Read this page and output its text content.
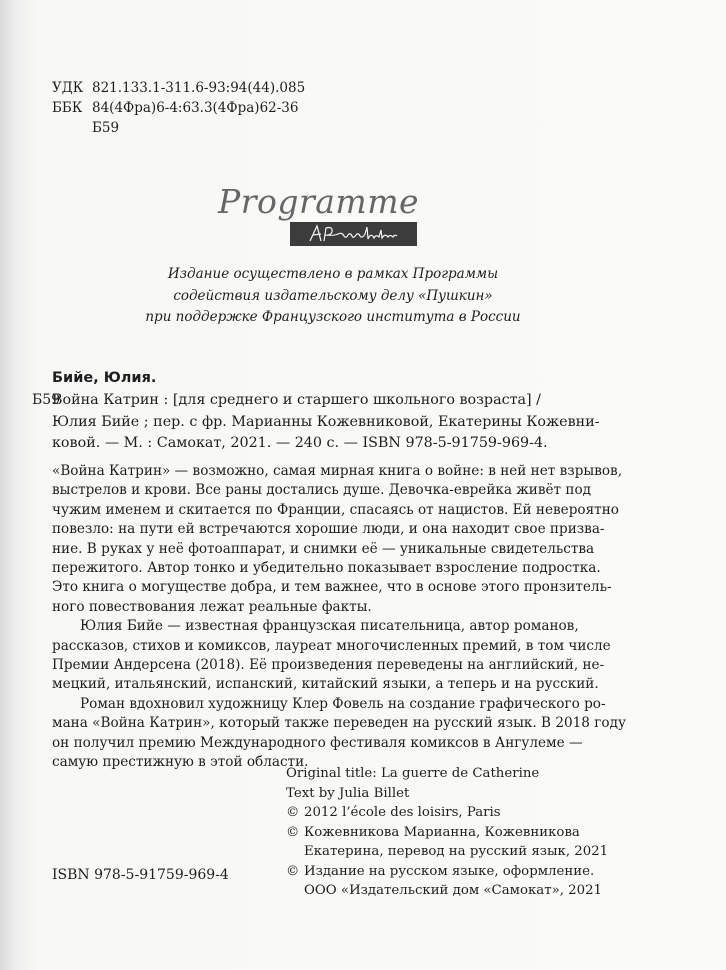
УДК 821.133.1-311.6-93:94(44).085
ББК 84(4Фра)6-4:63.3(4Фра)62-36
Б59
Programme
Издание осуществлено в рамках Программы
содействия издательскому делу «Пушкин»
при поддержке Французского института в России
Бийе, Юлия.
Б59
Война Катрин : [для среднего и старшего школьного возраста] /
Юлия Бийе ; пер. с фр. Марианны Кожевниковой, Екатерины Кожевни-
ковой. — М. : Самокат, 2021. — 240 с. — ISBN 978-5-91759-969-4.
«Война Катрин» — возможно, самая мирная книга о войне: в ней нет взрывов,
выстрелов и крови. Все раны достались душе. Девочка-еврейка живёт под
чужим именем и скитается по Франции, спасаясь от нацистов. Ей невероятно
повезло: на пути ей встречаются хорошие люди, и она находит свое призва-
ние. В руках у неё фотоаппарат, и снимки её — уникальные свидетельства
пережитого. Автор тонко и убедительно показывает взросление подростка.
Это книга о могуществе добра, и тем важнее, что в основе этого пронзитель-
ного повествования лежат реальные факты.
Юлия Бийе — известная французская писательница, автор романов,
рассказов, стихов и комиксов, лауреат многочисленных премий, в том числе
Премии Андерсена (2018). Её произведения переведены на английский, не-
мецкий, итальянский, испанский, китайский языки, а теперь и на русский.
Роман вдохновил художницу Клер Фовель на создание графического ро-
мана «Война Катрин», который также переведен на русский язык. В 2018 году
он получил премию Международного фестиваля комиксов в Ангулеме —
самую престижную в этой области.
Original title: La guerre de Catherine
Text by Julia Billet
© 2012 l’école des loisirs, Paris
© Кожевникова Марианна, Кожевникова
Екатерина, перевод на русский язык, 2021
© Издание на русском языке, оформление.
ООО «Издательский дом «Самокат», 2021
ISBN 978-5-91759-969-4
